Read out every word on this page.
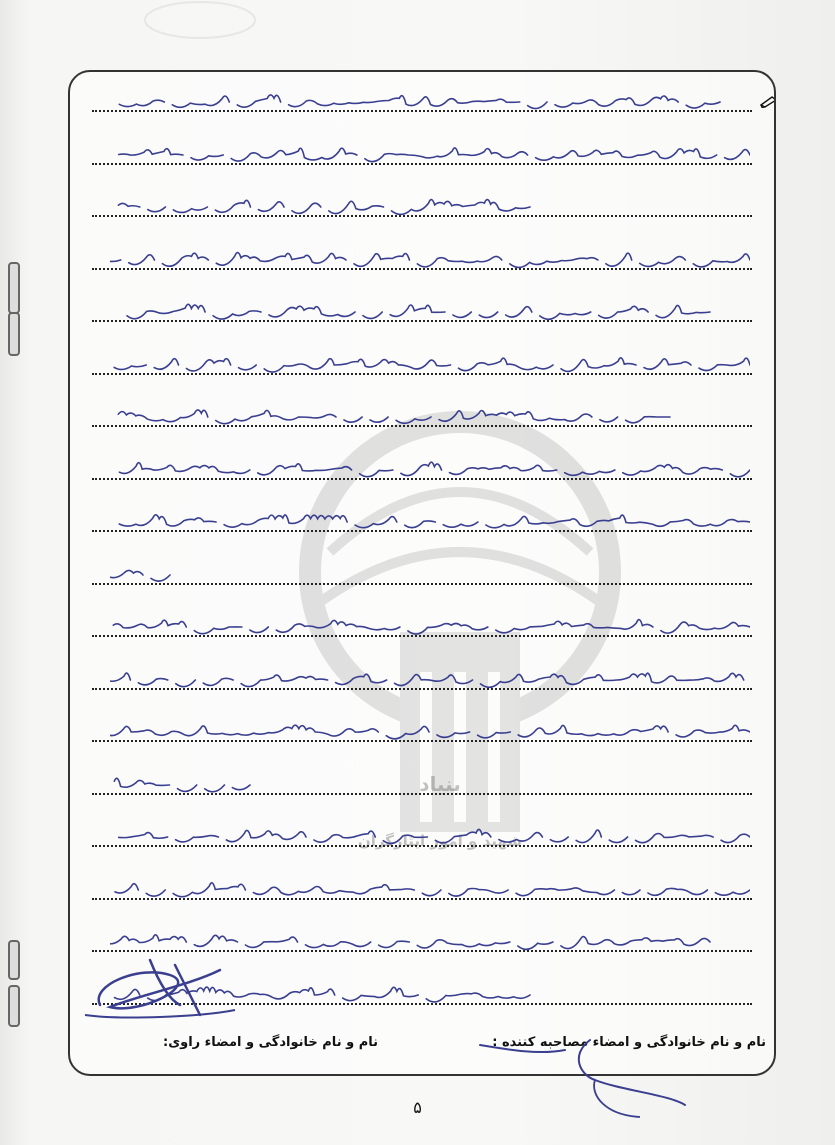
بنیاد
شهید و امور ایثارگران
نام و نام خانوادگی و امضاء مصاحبه کننده :
نام و نام خانوادگی و امضاء راوی:
۵
